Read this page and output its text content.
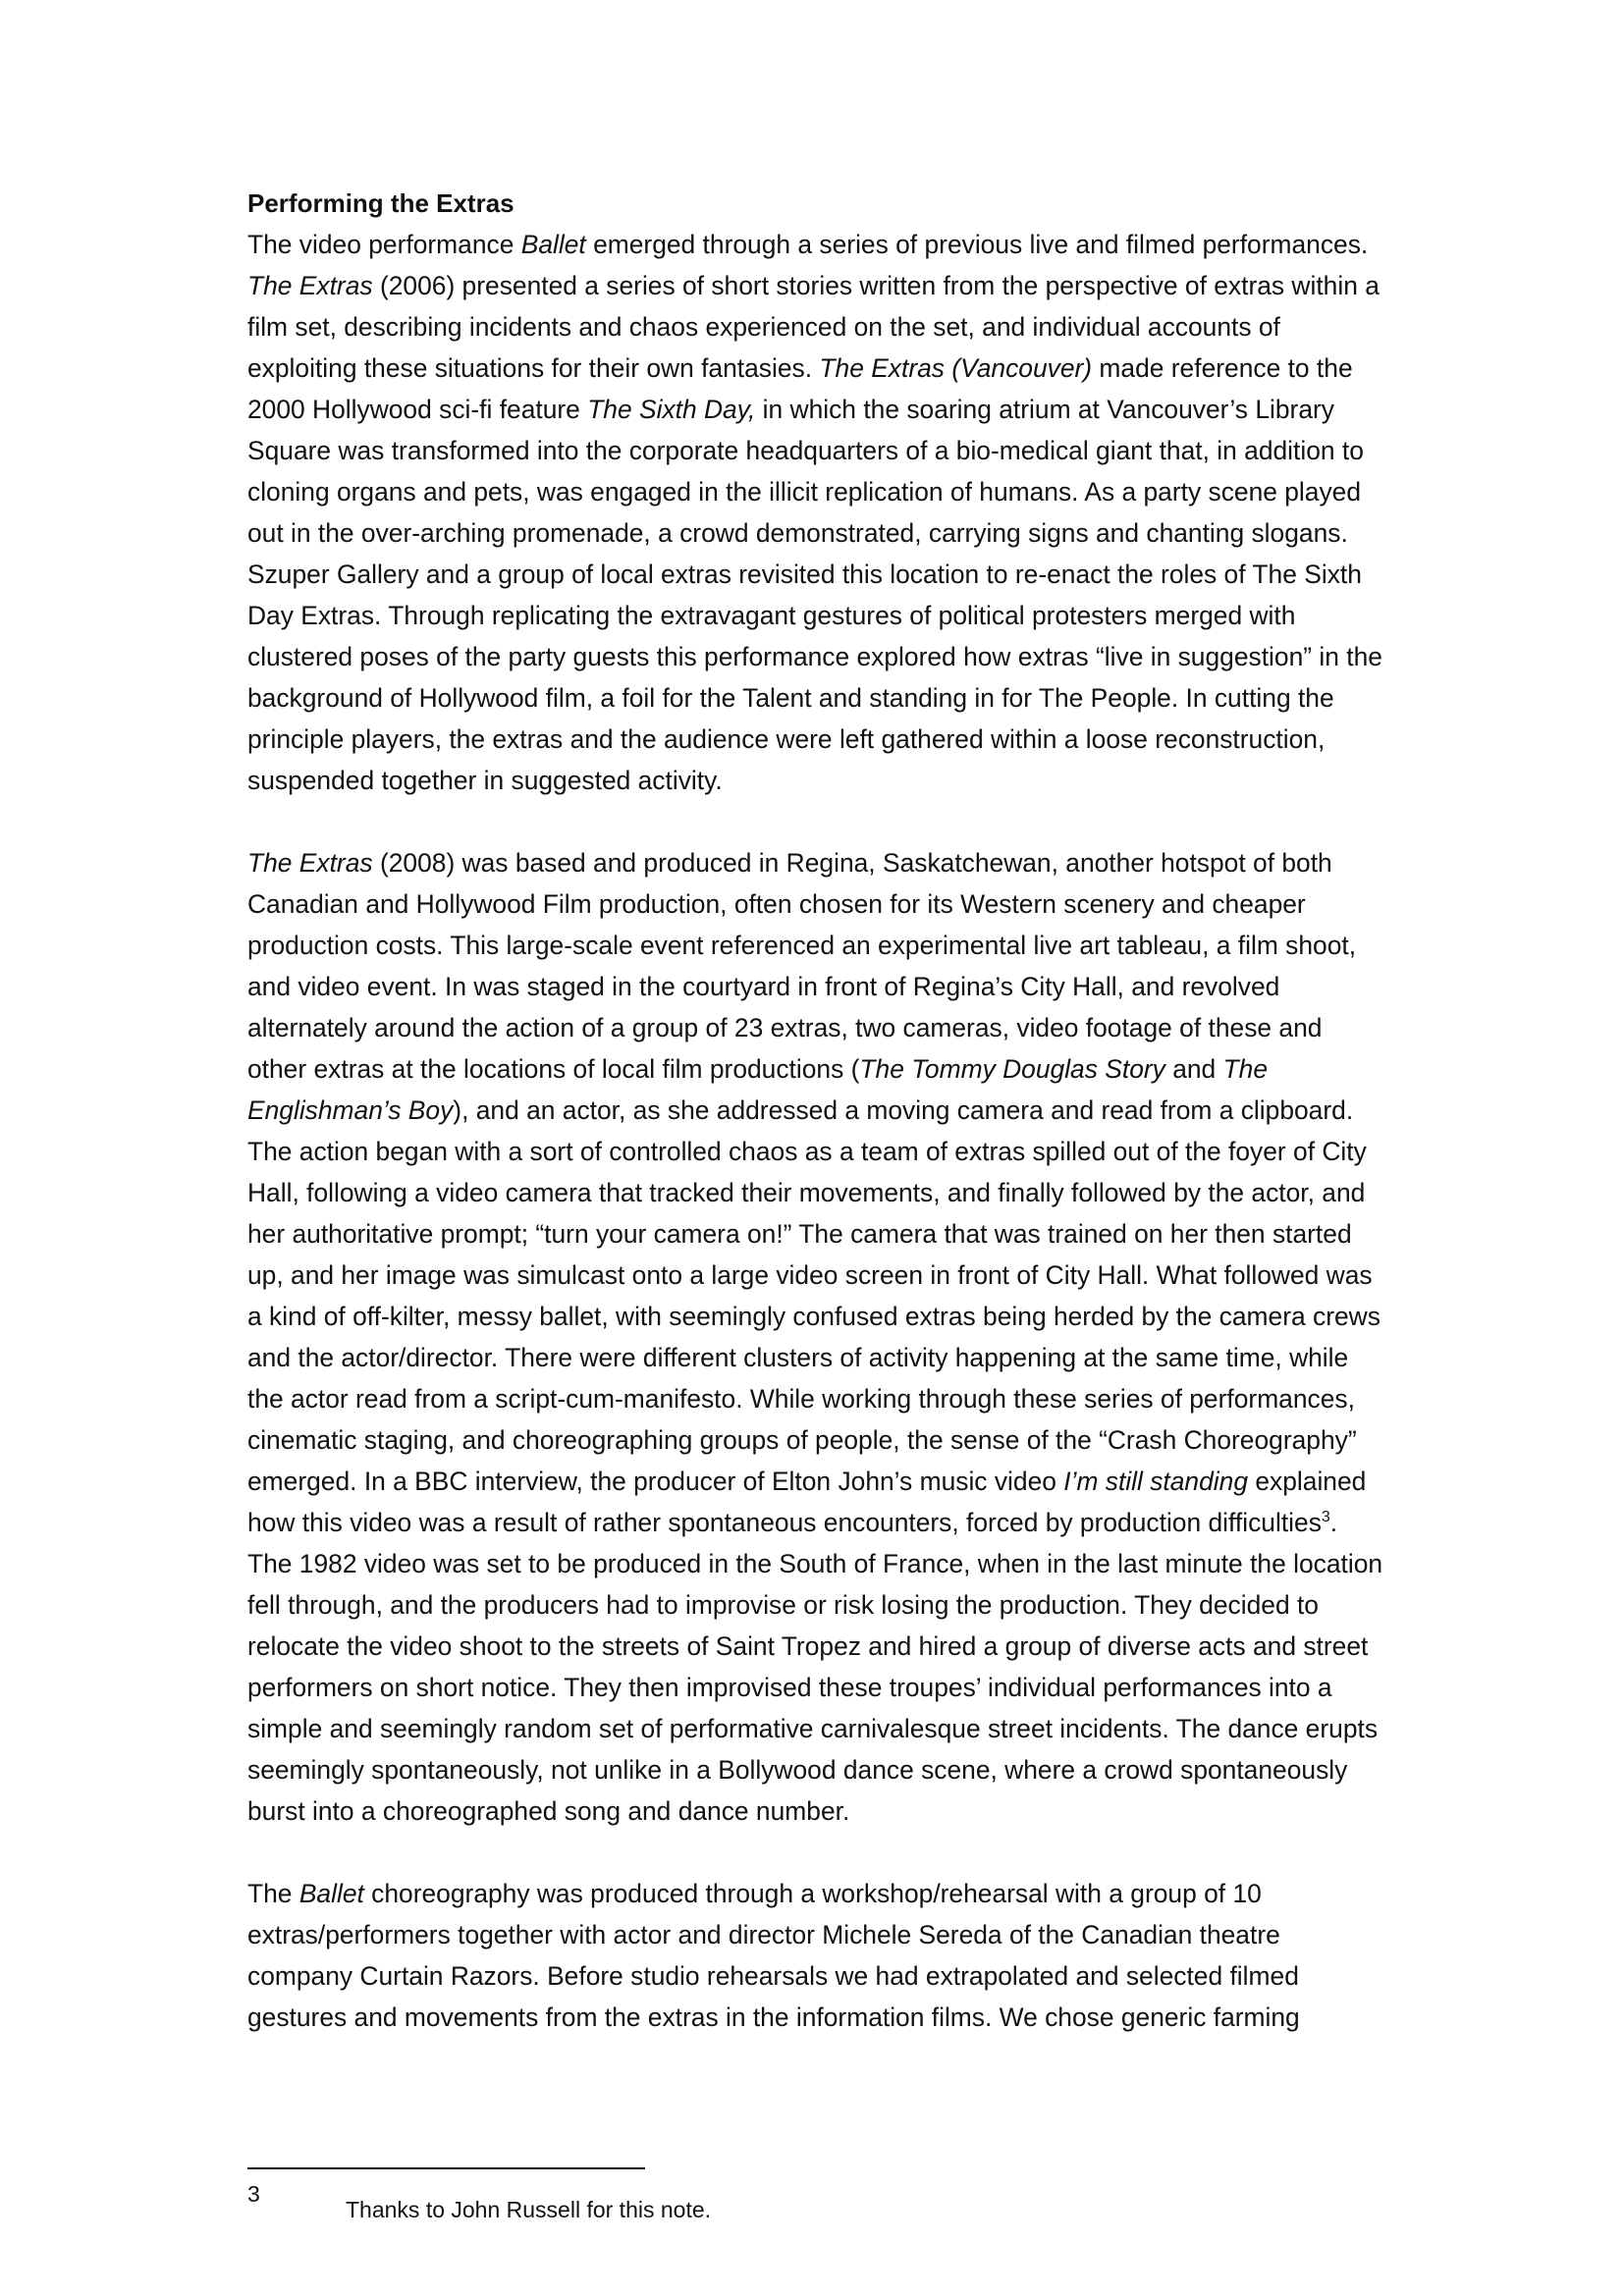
Performing the Extras

The video performance Ballet emerged through a series of previous live and filmed performances. The Extras (2006) presented a series of short stories written from the perspective of extras within a film set, describing incidents and chaos experienced on the set, and individual accounts of exploiting these situations for their own fantasies. The Extras (Vancouver) made reference to the 2000 Hollywood sci-fi feature The Sixth Day, in which the soaring atrium at Vancouver’s Library Square was transformed into the corporate headquarters of a bio-medical giant that, in addition to cloning organs and pets, was engaged in the illicit replication of humans. As a party scene played out in the over-arching promenade, a crowd demonstrated, carrying signs and chanting slogans. Szuper Gallery and a group of local extras revisited this location to re-enact the roles of The Sixth Day Extras. Through replicating the extravagant gestures of political protesters merged with clustered poses of the party guests this performance explored how extras “live in suggestion” in the background of Hollywood film, a foil for the Talent and standing in for The People. In cutting the principle players, the extras and the audience were left gathered within a loose reconstruction, suspended together in suggested activity.

The Extras (2008) was based and produced in Regina, Saskatchewan, another hotspot of both Canadian and Hollywood Film production, often chosen for its Western scenery and cheaper production costs. This large-scale event referenced an experimental live art tableau, a film shoot, and video event. In was staged in the courtyard in front of Regina’s City Hall, and revolved alternately around the action of a group of 23 extras, two cameras, video footage of these and other extras at the locations of local film productions (The Tommy Douglas Story and The Englishman’s Boy), and an actor, as she addressed a moving camera and read from a clipboard. The action began with a sort of controlled chaos as a team of extras spilled out of the foyer of City Hall, following a video camera that tracked their movements, and finally followed by the actor, and her authoritative prompt; “turn your camera on!” The camera that was trained on her then started up, and her image was simulcast onto a large video screen in front of City Hall. What followed was a kind of off-kilter, messy ballet, with seemingly confused extras being herded by the camera crews and the actor/director. There were different clusters of activity happening at the same time, while the actor read from a script-cum-manifesto. While working through these series of performances, cinematic staging, and choreographing groups of people, the sense of the “Crash Choreography” emerged. In a BBC interview, the producer of Elton John’s music video I’m still standing explained how this video was a result of rather spontaneous encounters, forced by production difficulties$^3$. The 1982 video was set to be produced in the South of France, when in the last minute the location fell through, and the producers had to improvise or risk losing the production. They decided to relocate the video shoot to the streets of Saint Tropez and hired a group of diverse acts and street performers on short notice. They then improvised these troupes’ individual performances into a simple and seemingly random set of performative carnivalesque street incidents. The dance erupts seemingly spontaneously, not unlike in a Bollywood dance scene, where a crowd spontaneously burst into a choreographed song and dance number.

The Ballet choreography was produced through a workshop/rehearsal with a group of 10 extras/performers together with actor and director Michele Sereda of the Canadian theatre company Curtain Razors. Before studio rehearsals we had extrapolated and selected filmed gestures and movements from the extras in the information films. We chose generic farming

3
Thanks to John Russell for this note.
